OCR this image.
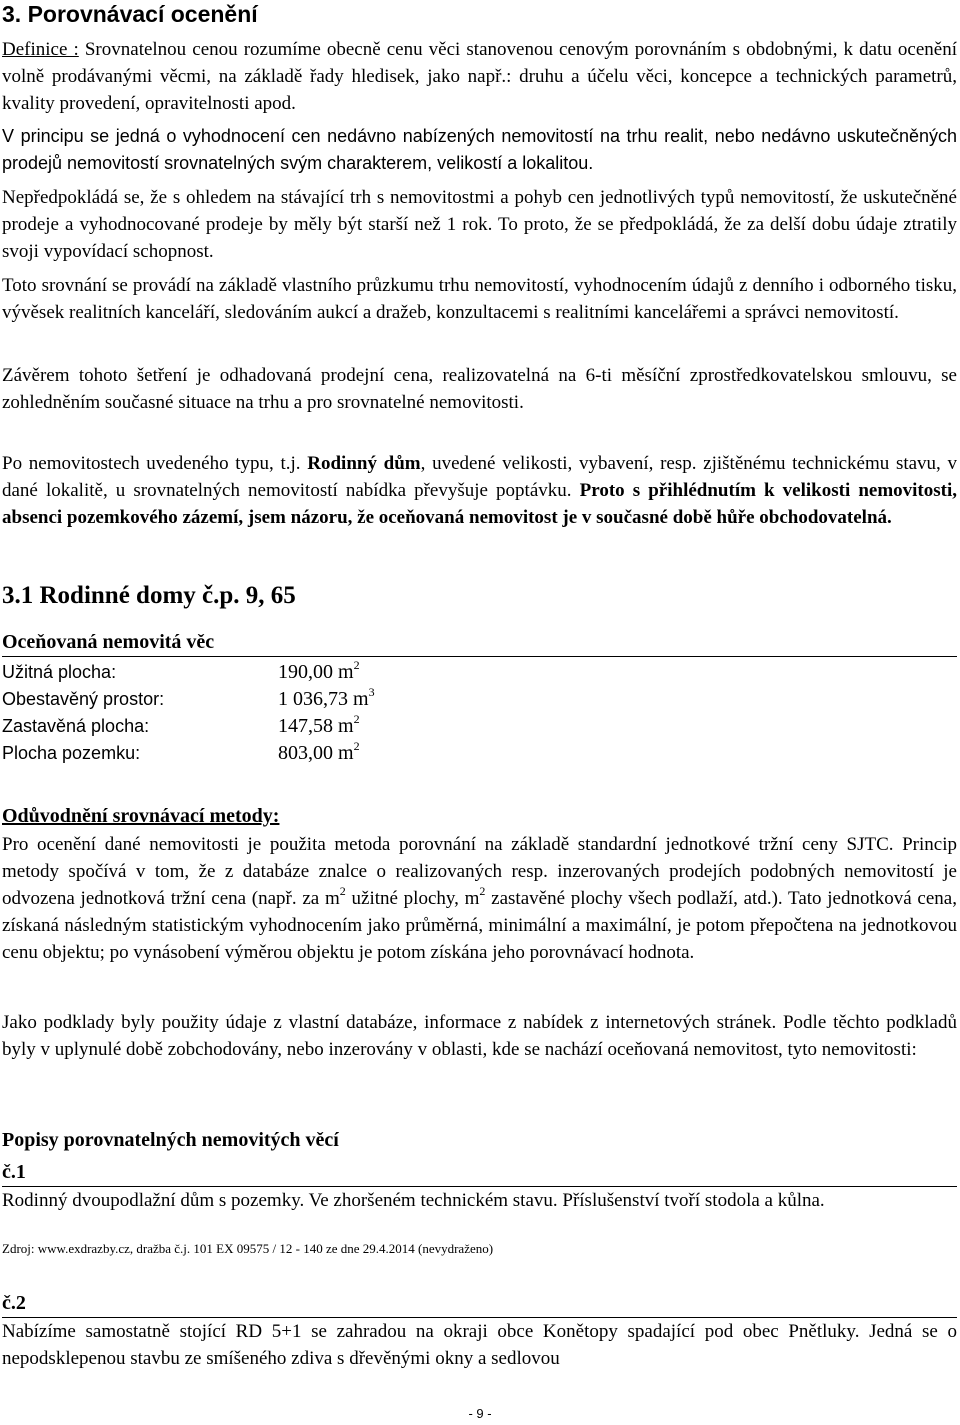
3. Porovnávací ocenění

Definice : Srovnatelnou cenou rozumíme obecně cenu věci stanovenou cenovým porovnáním s obdobnými, k datu ocenění volně prodávanými věcmi, na základě řady hledisek, jako např.: druhu a účelu věci, koncepce a technických parametrů, kvality provedení, opravitelnosti apod.

V principu se jedná o vyhodnocení cen nedávno nabízených nemovitostí na trhu realit, nebo nedávno uskutečněných prodejů nemovitostí srovnatelných svým charakterem, velikostí a lokalitou.

Nepředpokládá se, že s ohledem na stávající trh s nemovitostmi a pohyb cen jednotlivých typů nemovitostí, že uskutečněné prodeje a vyhodnocované prodeje by měly být starší než 1 rok. To proto, že se předpokládá, že za delší dobu údaje ztratily svoji vypovídací schopnost.

Toto srovnání se provádí na základě vlastního průzkumu trhu nemovitostí, vyhodnocením údajů z denního i odborného tisku, vývěsek realitních kanceláří, sledováním aukcí a dražeb, konzultacemi s realitními kancelářemi a správci nemovitostí.

Závěrem tohoto šetření je odhadovaná prodejní cena, realizovatelná na 6-ti měsíční zprostředkovatelskou smlouvu, se zohledněním současné situace na trhu a pro srovnatelné nemovitosti.

Po nemovitostech uvedeného typu, t.j. Rodinný dům, uvedené velikosti, vybavení, resp. zjištěnému technickému stavu, v dané lokalitě, u srovnatelných nemovitostí nabídka převyšuje poptávku. Proto s přihlédnutím k velikosti nemovitosti, absenci pozemkového zázemí, jsem názoru, že oceňovaná nemovitost je v současné době hůře obchodovatelná.

3.1 Rodinné domy č.p. 9, 65
Oceňovaná nemovitá věc
Užitná plocha:	190,00 $m^2$
Obestavěný prostor:	1 036,73 $m^3$
Zastavěná plocha:	147,58 $m^2$
Plocha pozemku:	803,00 $m^2$
Odůvodnění srovnávací metody:

Pro ocenění dané nemovitosti je použita metoda porovnání na základě standardní jednotkové tržní ceny SJTC. Princip metody spočívá v tom, že z databáze znalce o realizovaných resp. inzerovaných prodejích podobných nemovitostí je odvozena jednotková tržní cena (např. za $m^2$ užitné plochy, $m^2$ zastavěné plochy všech podlaží, atd.). Tato jednotková cena, získaná následným statistickým vyhodnocením jako průměrná, minimální a maximální, je potom přepočtena na jednotkovou cenu objektu; po vynásobení výměrou objektu je potom získána jeho porovnávací hodnota.

Jako podklady byly použity údaje z vlastní databáze, informace z nabídek z internetových stránek. Podle těchto podkladů byly v uplynulé době zobchodovány, nebo inzerovány v oblasti, kde se nachází oceňovaná nemovitost, tyto nemovitosti:

Popisy porovnatelných nemovitých věcí
č.1

Rodinný dvoupodlažní dům s pozemky. Ve zhoršeném technickém stavu. Příslušenství tvoří stodola a kůlna.

Zdroj: www.exdrazby.cz, dražba č.j. 101 EX 09575 / 12 - 140 ze dne 29.4.2014 (nevydraženo)
č.2

Nabízíme samostatně stojící RD 5+1 se zahradou na okraji obce Konětopy spadající pod obec Pnětluky. Jedná se o nepodsklepenou stavbu ze smíšeného zdiva s dřevěnými okny a sedlovou

- 9 -
